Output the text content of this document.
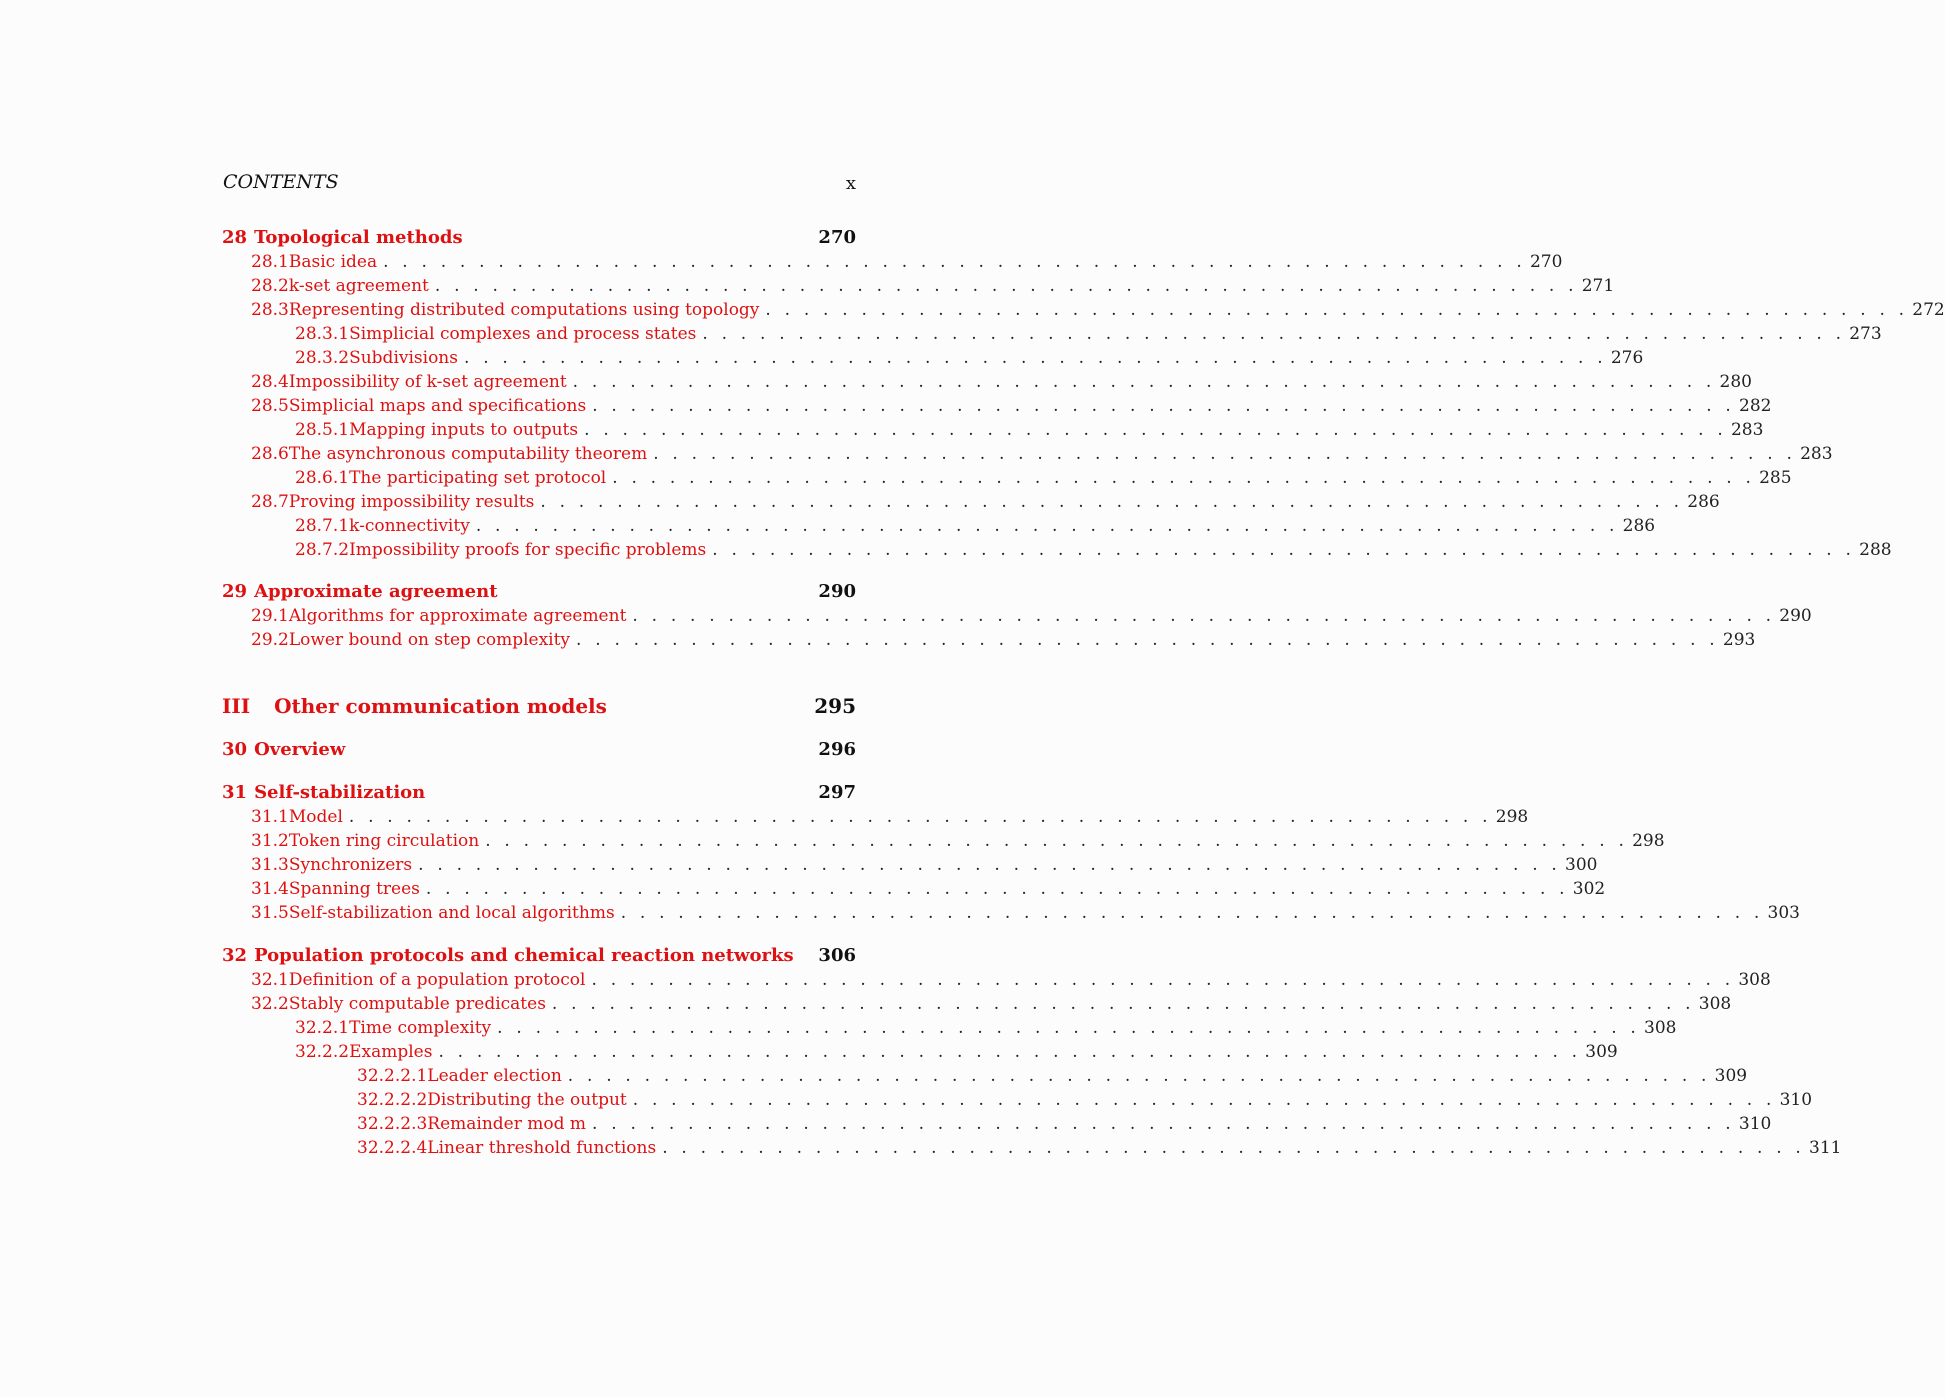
CONTENTS	x
28 Topological methods	270
28.1 Basic idea . . . . . . . . . . . . . . . . . . . . . . . . . . . . . . . . . . . . . . . . . . . . . . . . . . . . . . . . . . . . 270
28.2 k-set agreement . . . . . . . . . . . . . . . . . . . . . . . . . . . . . . . . . . . . . . . . . . . . . . . . . . . . . . . . . . . . 271
28.3 Representing distributed computations using topology . . . . . . . . . . . . . . . . . . . . . . . . . . . . . . . . . . . . . . . . . . . . . . . . . . . . . . . . . . . . 272
28.3.1 Simplicial complexes and process states . . . . . . . . . . . . . . . . . . . . . . . . . . . . . . . . . . . . . . . . . . . . . . . . . . . . . . . . . . . . 273
28.3.2 Subdivisions . . . . . . . . . . . . . . . . . . . . . . . . . . . . . . . . . . . . . . . . . . . . . . . . . . . . . . . . . . . . 276
28.4 Impossibility of k-set agreement . . . . . . . . . . . . . . . . . . . . . . . . . . . . . . . . . . . . . . . . . . . . . . . . . . . . . . . . . . . . 280
28.5 Simplicial maps and specifications . . . . . . . . . . . . . . . . . . . . . . . . . . . . . . . . . . . . . . . . . . . . . . . . . . . . . . . . . . . . 282
28.5.1 Mapping inputs to outputs . . . . . . . . . . . . . . . . . . . . . . . . . . . . . . . . . . . . . . . . . . . . . . . . . . . . . . . . . . . . 283
28.6 The asynchronous computability theorem . . . . . . . . . . . . . . . . . . . . . . . . . . . . . . . . . . . . . . . . . . . . . . . . . . . . . . . . . . . . 283
28.6.1 The participating set protocol . . . . . . . . . . . . . . . . . . . . . . . . . . . . . . . . . . . . . . . . . . . . . . . . . . . . . . . . . . . . 285
28.7 Proving impossibility results . . . . . . . . . . . . . . . . . . . . . . . . . . . . . . . . . . . . . . . . . . . . . . . . . . . . . . . . . . . . 286
28.7.1 k-connectivity . . . . . . . . . . . . . . . . . . . . . . . . . . . . . . . . . . . . . . . . . . . . . . . . . . . . . . . . . . . . 286
28.7.2 Impossibility proofs for specific problems . . . . . . . . . . . . . . . . . . . . . . . . . . . . . . . . . . . . . . . . . . . . . . . . . . . . . . . . . . . . 288
29 Approximate agreement	290
29.1 Algorithms for approximate agreement . . . . . . . . . . . . . . . . . . . . . . . . . . . . . . . . . . . . . . . . . . . . . . . . . . . . . . . . . . . . 290
29.2 Lower bound on step complexity . . . . . . . . . . . . . . . . . . . . . . . . . . . . . . . . . . . . . . . . . . . . . . . . . . . . . . . . . . . . 293
III Other communication models	295
30 Overview	296
31 Self-stabilization	297
31.1 Model . . . . . . . . . . . . . . . . . . . . . . . . . . . . . . . . . . . . . . . . . . . . . . . . . . . . . . . . . . . . 298
31.2 Token ring circulation . . . . . . . . . . . . . . . . . . . . . . . . . . . . . . . . . . . . . . . . . . . . . . . . . . . . . . . . . . . . 298
31.3 Synchronizers . . . . . . . . . . . . . . . . . . . . . . . . . . . . . . . . . . . . . . . . . . . . . . . . . . . . . . . . . . . . 300
31.4 Spanning trees . . . . . . . . . . . . . . . . . . . . . . . . . . . . . . . . . . . . . . . . . . . . . . . . . . . . . . . . . . . . 302
31.5 Self-stabilization and local algorithms . . . . . . . . . . . . . . . . . . . . . . . . . . . . . . . . . . . . . . . . . . . . . . . . . . . . . . . . . . . . 303
32 Population protocols and chemical reaction networks 306
32.1 Definition of a population protocol . . . . . . . . . . . . . . . . . . . . . . . . . . . . . . . . . . . . . . . . . . . . . . . . . . . . . . . . . . . . 308
32.2 Stably computable predicates . . . . . . . . . . . . . . . . . . . . . . . . . . . . . . . . . . . . . . . . . . . . . . . . . . . . . . . . . . . . 308
32.2.1 Time complexity . . . . . . . . . . . . . . . . . . . . . . . . . . . . . . . . . . . . . . . . . . . . . . . . . . . . . . . . . . . . 308
32.2.2 Examples . . . . . . . . . . . . . . . . . . . . . . . . . . . . . . . . . . . . . . . . . . . . . . . . . . . . . . . . . . . . 309
32.2.2.1 Leader election . . . . . . . . . . . . . . . . . . . . . . . . . . . . . . . . . . . . . . . . . . . . . . . . . . . . . . . . . . . . 309
32.2.2.2 Distributing the output . . . . . . . . . . . . . . . . . . . . . . . . . . . . . . . . . . . . . . . . . . . . . . . . . . . . . . . . . . . . 310
32.2.2.3 Remainder mod m . . . . . . . . . . . . . . . . . . . . . . . . . . . . . . . . . . . . . . . . . . . . . . . . . . . . . . . . . . . . 310
32.2.2.4 Linear threshold functions . . . . . . . . . . . . . . . . . . . . . . . . . . . . . . . . . . . . . . . . . . . . . . . . . . . . . . . . . . . . 311
